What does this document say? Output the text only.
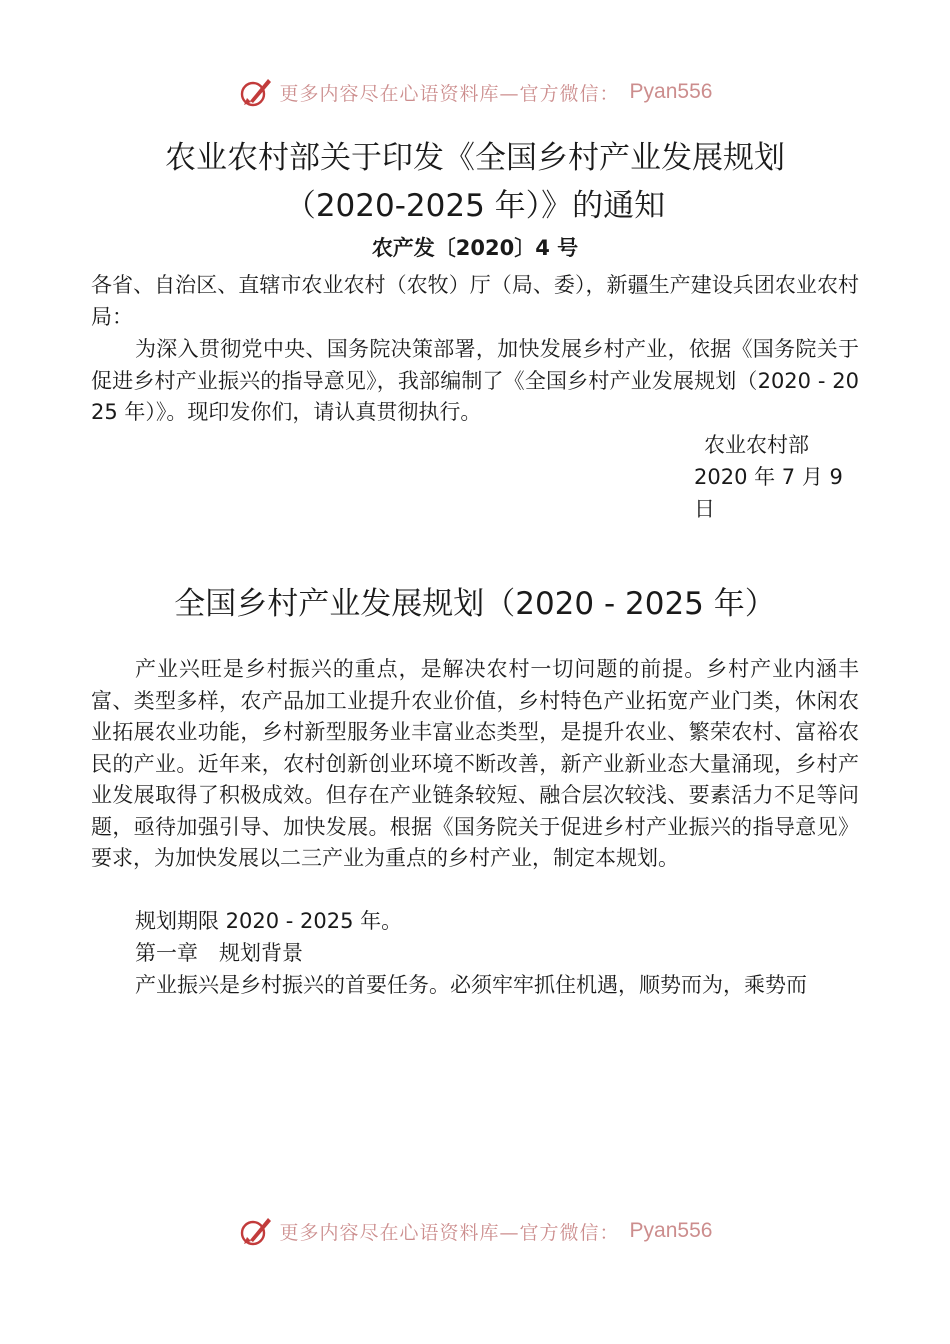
更多内容尽在心语资料库—官方微信： Pyan556
农业农村部关于印发《全国乡村产业发展规划
（2020-2025 年）》的通知
农产发〔2020〕4 号
各省、自治区、直辖市农业农村（农牧）厅（局、委），新疆生产建设兵团农业农村局：
为深入贯彻党中央、国务院决策部署，加快发展乡村产业，依据《国务院关于促进乡村产业振兴的指导意见》，我部编制了《全国乡村产业发展规划（2020 - 2025 年）》。现印发你们，请认真贯彻执行。
农业农村部
2020 年 7 月 9 日
全国乡村产业发展规划（2020 - 2025 年）
产业兴旺是乡村振兴的重点，是解决农村一切问题的前提。乡村产业内涵丰富、类型多样，农产品加工业提升农业价值，乡村特色产业拓宽产业门类，休闲农业拓展农业功能，乡村新型服务业丰富业态类型，是提升农业、繁荣农村、富裕农民的产业。近年来，农村创新创业环境不断改善，新产业新业态大量涌现，乡村产业发展取得了积极成效。但存在产业链条较短、融合层次较浅、要素活力不足等问题，亟待加强引导、加快发展。根据《国务院关于促进乡村产业振兴的指导意见》要求，为加快发展以二三产业为重点的乡村产业，制定本规划。
规划期限 2020 - 2025 年。
第一章　规划背景
产业振兴是乡村振兴的首要任务。必须牢牢抓住机遇，顺势而为，乘势而
更多内容尽在心语资料库—官方微信： Pyan556
